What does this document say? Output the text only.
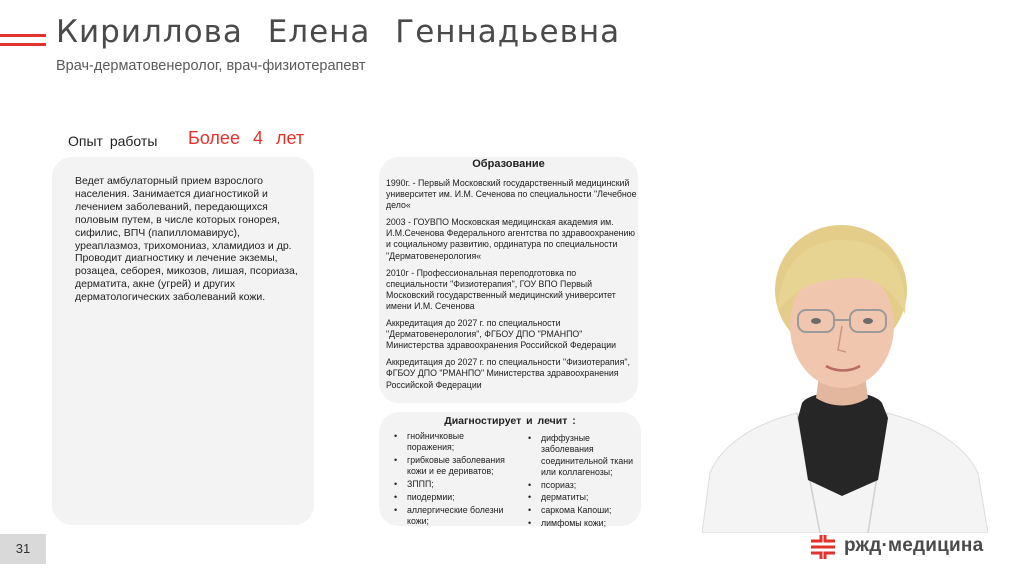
Кириллова Елена Геннадьевна
Врач-дерматовенеролог, врач-физиотерапевт
Опыт работы Более 4 лет
Ведет амбулаторный прием взрослого населения. Занимается диагностикой и лечением заболеваний, передающихся половым путем, в числе которых гонорея, сифилис, ВПЧ (папилломавирус), уреаплазмоз, трихомониаз, хламидиоз и др. Проводит диагностику и лечение экземы, розацеа, себорея, микозов, лишая, псориаза, дерматита, акне (угрей) и других дерматологических заболеваний кожи.
Образование
1990г. - Первый Московский государственный медицинский университет им. И.М. Сеченова по специальности "Лечебное дело«
2003 - ГОУВПО Московская медицинская академия им. И.М.Сеченова Федерального агентства по здравоохранению и социальному развитию, ординатура по специальности "Дерматовенерология«
2010г - Профессиональная переподготовка по специальности "Физиотерапия", ГОУ ВПО Первый Московский государственный медицинский университет имени И.М. Сеченова
Аккредитация до 2027 г. по специальности "Дерматовенерология", ФГБОУ ДПО "РМАНПО" Министерства здравоохранения Российской Федерации
Аккредитация до 2027 г. по специальности "Физиотерапия", ФГБОУ ДПО "РМАНПО" Министерства здравоохранения Российской Федерации
Диагностирует и лечит :
• гнойничковые поражения;
• грибковые заболевания кожи и ее дериватов;
• ЗППП;
• пиодермии;
• аллергические болезни кожи;
• диффузные заболевания соединительной ткани или коллагенозы;
• псориаз;
• дерматиты;
• саркома Капоши;
• лимфомы кожи;
31	ржд·медицина
